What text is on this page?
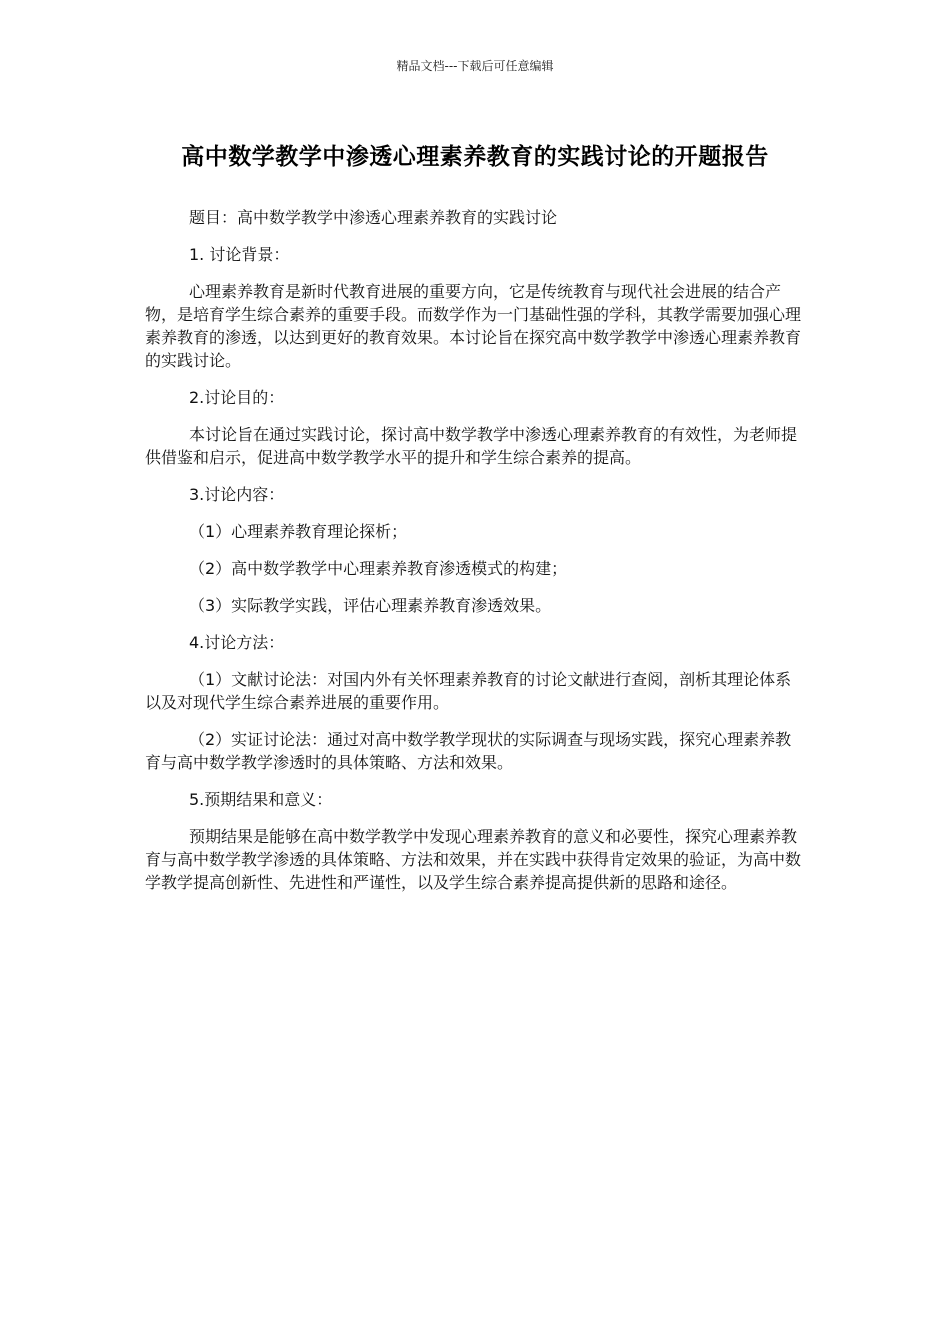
精品文档---下载后可任意编辑
高中数学教学中渗透心理素养教育的实践讨论的开题报告

题目：高中数学教学中渗透心理素养教育的实践讨论

1. 讨论背景：

心理素养教育是新时代教育进展的重要方向，它是传统教育与现代社会进展的结合产物，是培育学生综合素养的重要手段。而数学作为一门基础性强的学科，其教学需要加强心理素养教育的渗透，以达到更好的教育效果。本讨论旨在探究高中数学教学中渗透心理素养教育的实践讨论。

2.讨论目的：

本讨论旨在通过实践讨论，探讨高中数学教学中渗透心理素养教育的有效性，为老师提供借鉴和启示，促进高中数学教学水平的提升和学生综合素养的提高。

3.讨论内容：

（1）心理素养教育理论探析；

（2）高中数学教学中心理素养教育渗透模式的构建；

（3）实际教学实践，评估心理素养教育渗透效果。

4.讨论方法：

（1）文献讨论法：对国内外有关怀理素养教育的讨论文献进行查阅，剖析其理论体系以及对现代学生综合素养进展的重要作用。

（2）实证讨论法：通过对高中数学教学现状的实际调查与现场实践，探究心理素养教育与高中数学教学渗透时的具体策略、方法和效果。

5.预期结果和意义：

预期结果是能够在高中数学教学中发现心理素养教育的意义和必要性，探究心理素养教育与高中数学教学渗透的具体策略、方法和效果，并在实践中获得肯定效果的验证，为高中数学教学提高创新性、先进性和严谨性，以及学生综合素养提高提供新的思路和途径。
